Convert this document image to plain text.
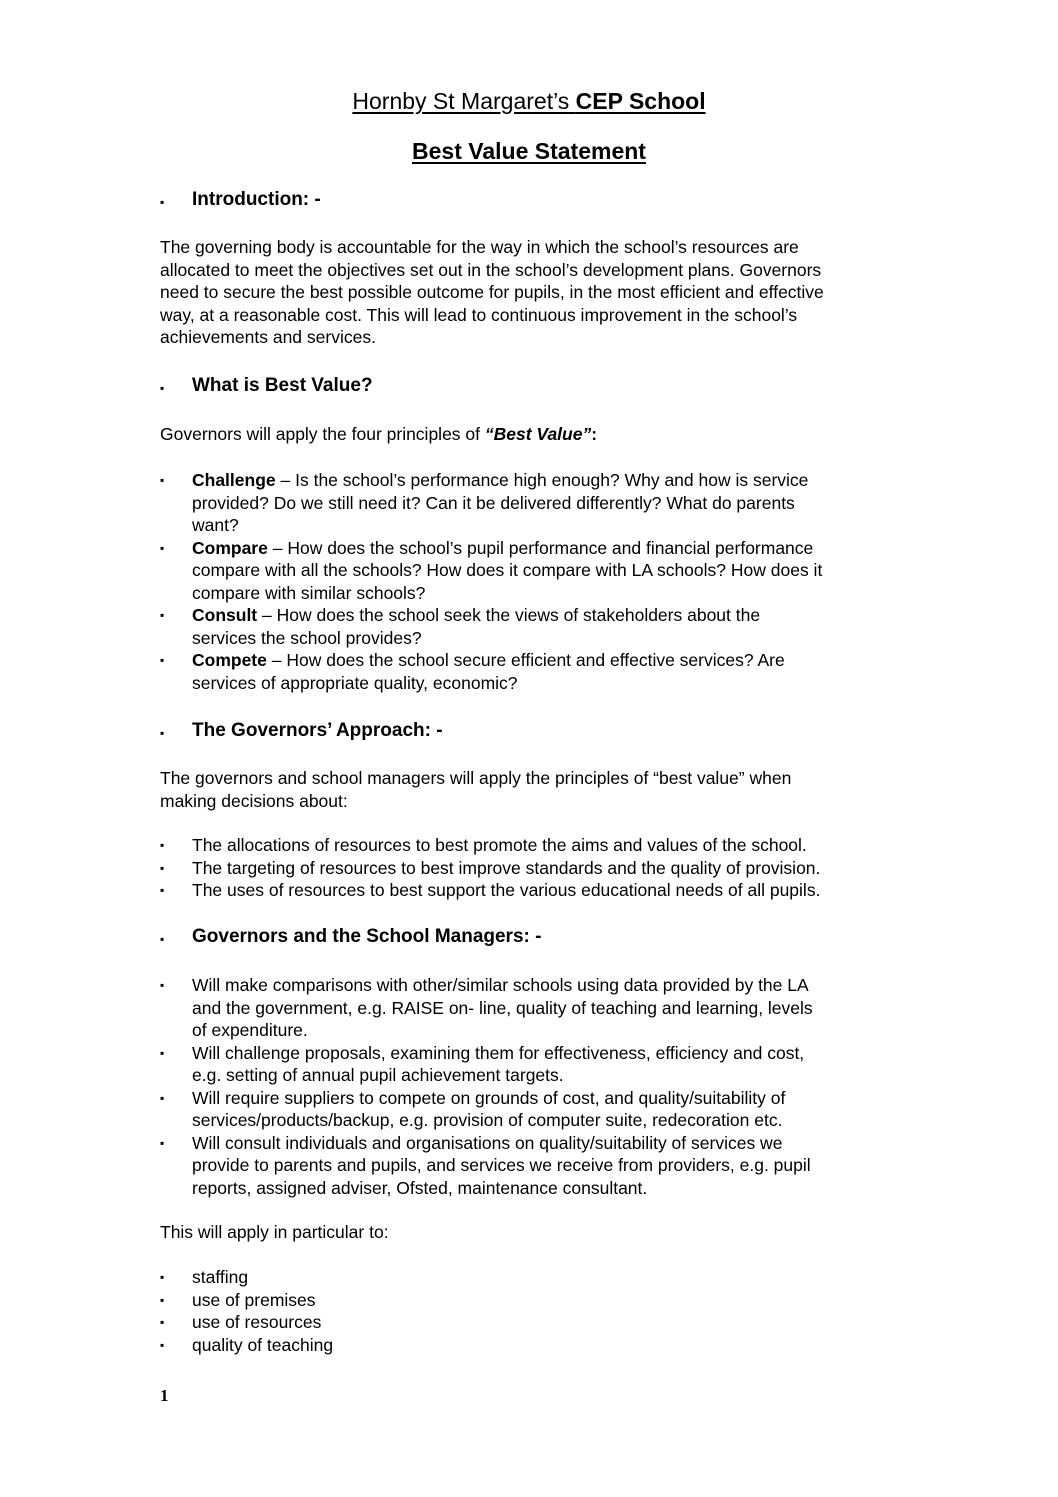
Hornby St Margaret’s CEP School
Best Value Statement
▪ Introduction: -
The governing body is accountable for the way in which the school’s resources are
allocated to meet the objectives set out in the school’s development plans. Governors
need to secure the best possible outcome for pupils, in the most efficient and effective
way, at a reasonable cost. This will lead to continuous improvement in the school’s
achievements and services.
▪ What is Best Value?
Governors will apply the four principles of “Best Value”:
▪ Challenge – Is the school’s performance high enough? Why and how is service
provided? Do we still need it? Can it be delivered differently? What do parents
want?
▪ Compare – How does the school’s pupil performance and financial performance
compare with all the schools? How does it compare with LA schools? How does it
compare with similar schools?
▪ Consult – How does the school seek the views of stakeholders about the
services the school provides?
▪ Compete – How does the school secure efficient and effective services? Are
services of appropriate quality, economic?
▪ The Governors’ Approach: -
The governors and school managers will apply the principles of “best value” when
making decisions about:
▪ The allocations of resources to best promote the aims and values of the school.
▪ The targeting of resources to best improve standards and the quality of provision.
▪ The uses of resources to best support the various educational needs of all pupils.
▪ Governors and the School Managers: -
▪ Will make comparisons with other/similar schools using data provided by the LA
and the government, e.g. RAISE on- line, quality of teaching and learning, levels
of expenditure.
▪ Will challenge proposals, examining them for effectiveness, efficiency and cost,
e.g. setting of annual pupil achievement targets.
▪ Will require suppliers to compete on grounds of cost, and quality/suitability of
services/products/backup, e.g. provision of computer suite, redecoration etc.
▪ Will consult individuals and organisations on quality/suitability of services we
provide to parents and pupils, and services we receive from providers, e.g. pupil
reports, assigned adviser, Ofsted, maintenance consultant.
This will apply in particular to:
▪ staffing
▪ use of premises
▪ use of resources
▪ quality of teaching
1
